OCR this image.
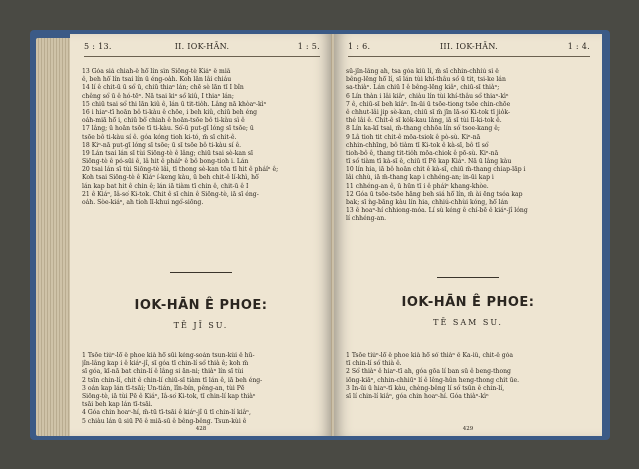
5 : 13.	II. IOK-HĀN.	1 : 5.
13 Góa siá chiah-ê hō͘ lín sìn Siōng-tè Kiáⁿ ê miâ
ê, beh hō͘ lín tsai lín ū éng-oa̍h. Koh lān lâi chiáu
14 lí ê chit-ū ū só͘ ū, chiū thiaⁿ lán; chē sè lān tī I bîn
chêng só͘ ū ê hó-tēⁿ. Nā tsai kiⁿ só͘ kiû, I thiaⁿ lán;
15 chiū tsai só͘ thi lān kiû ê, lán ū tit-tio̍h. Lâng nā khòaⁿ-kìⁿ
16 i hiaⁿ-tī hoān bô ti-kàu ê chōe, i beh kiû, chiū beh éng
oa̍h-miā hō͘ i, chiū bô͘ chiah ê hoān-tsōe bô ti-kàu sì ê
17 lâng; ū hoān tsōe tī ti-kàu. Só͘-ū put-gī lóng sī tsōe; ū
tsōe bô ti-kàu sí ê. góa kóng tioh ki-tó, m̄ sī chit-ê.
18 Kiⁿ-nā put-gī lóng sī tsōe; ū sī tsōe bô ti-kàu sí ê.
19 Lán tsai lán sī tùi Siōng-tè ê lâng; chiū tsai sè-kan sī
Siōng-tè ê pó-sūi ê, lâ hit ê phái͘ⁿ ê bô bong-tioh i. Lán
20 tsai lán sī tùi Siōng-tè lâi, tī thong sè-kan tōa tī hit ê phái͘ⁿ ê;
Koh tsai Siōng-tè ê Kiáⁿ í-keng kàu, ū beh chit-ê lí-khì, hō͘
lán kap bat hit ê chin ê; lán iā tiàm tī chin ê, chit-ū ê I
21 ê Kiáⁿ, Iâ-so͘ Ki-tok. Chit ê sī chin ê Siōng-tè, iā sī éng-
oa̍h. Sòe-kiáⁿ, ah tioh lī-khui ngó͘-siōng.
IOK-HĀN Ê PHOE:
TĒ JĪ SU.
1 Tsōe tiúⁿ-lō͘ ê phoe kià hō͘ sūi kéng-soán tsun-kùi ê hū-
jîn-lâng kap i ê kiáⁿ-jî, sī góa tī chin-lí só͘ thià ê; koh m̄
sī góa, kī-nā bat chin-lí ê lâng si ān-ni; thiàⁿ lín sī tùi
2 tsīn chin-lí, chit ê chin-lí chiū-sī tiàm tī lán ê, iā beh éng-
3 oa̍n kap lán tī-tsāi; Un-tián, lîn-bín, pêng-an, tùi Pē
Siōng-tè, iā tùi Pē ê Kiáⁿ, Iâ-so͘ Ki-tok, tī chin-lí kap thiàⁿ
tsāi beh kap lán tī-tsāi.
4 Góa chin hoaⁿ-hí, m̄-tū tī-tsāi ê kiáⁿ-jî ū tī chin-lí kiâⁿ,
5 chiàu lán ū siū Pē ê miā-sū ê bêng-bêng. Tsun-kùi ê
428
1 : 6.	III. IOK-HĀN.	1 : 4.
sū-jîn-lâng ah, tsa góa kiû lí, m̄ sī chhin-chhiú sì ê
bêng-lēng hō͘ lí, sī lán tùi khí-thâu só͘ ū tit, tsi-ke lán
sa-thiàⁿ. Lán chiū I ê bêng-lēng kiâⁿ, chiū-sī thiàⁿ;
6 Lín thàn i lâi kiâⁿ, chiàu lín tùi khí-thâu só͘ thiaⁿ-kìⁿ
7 ê, chiū-sī beh kiâⁿ. In-ūi ū tsōe-tiong tsōe chin-chōe
ê chhut-lâi jip sè-kan, chiū sī m̄ jīn lā-so͘ Ki-tok tī jio̍k-
thé lâi ê. Chit-ê sī ko̍k-kau lâng, iā sī tùi lī-ki-tok ê.
8 Lín ka-kī tsai, m̄-thang chhōa lín só͘ tsoe-kang ê;
9 Lâ tioh tit chit-ê mōa-tsiok ê pò-sù. Kiⁿ-nā
chhin-chhīng, bô tiàm tī Ki-tok ê kà-sī, bô tī só͘
tioh-bô ê, thang tit-tio̍h mōa-chiok ê pō-sù. Kiⁿ-nā
tī só͘ tiàm tī kà-sī ê, chiū tī Pē kap Kiáⁿ. Nā ū lâng kàu
10 lín hia, iā bô hoān chit ê kà-sī, chiū m̄-thang chiap-lāp i
lâi chhù, iā m̄-thang kap i chhéng-an; in-ūi kap i
11 chhéng-an ê, ū hūn tī i ê pháiⁿ khang-khòe.
12 Góa ū tsōe-tsōe hāng beh siá hō͘ lín, m̄ ài ēng tsóa kap
bak; sī ǹg-bāng kàu lín hia, chhiú-chhùi kóng, hō͘ lán
13 ê hoaⁿ-hí chhiong-móa. Lí sù kéng ê chí-bē ê kiáⁿ-jî lóng
lí chhéng-an.
IOK-HĀN Ê PHOE:
TĒ SAM SU.
1 Tsōe tiúⁿ-lō͘ ê phoe kià hō͘ só͘ thiàⁿ ê Ka-iû, chit-ê góa
tī chin-lí só͘ thià ê.
2 Só͘ thiàⁿ ê hiaⁿ-tī ah, góa gōa lí ban sū ê beng-thong
iōng-kiāⁿ, chhin-chhiūⁿ lí ê lêng-hûn heng-thong chit ūe.
3 In-ūi ū hiaⁿ-tī kàu, chèng-bêng lí só͘ tsūn ê chin-lí,
sī lí chin-lí kiâⁿ, góa chin hoaⁿ-hí. Góa thiàⁿ-kìⁿ
429
